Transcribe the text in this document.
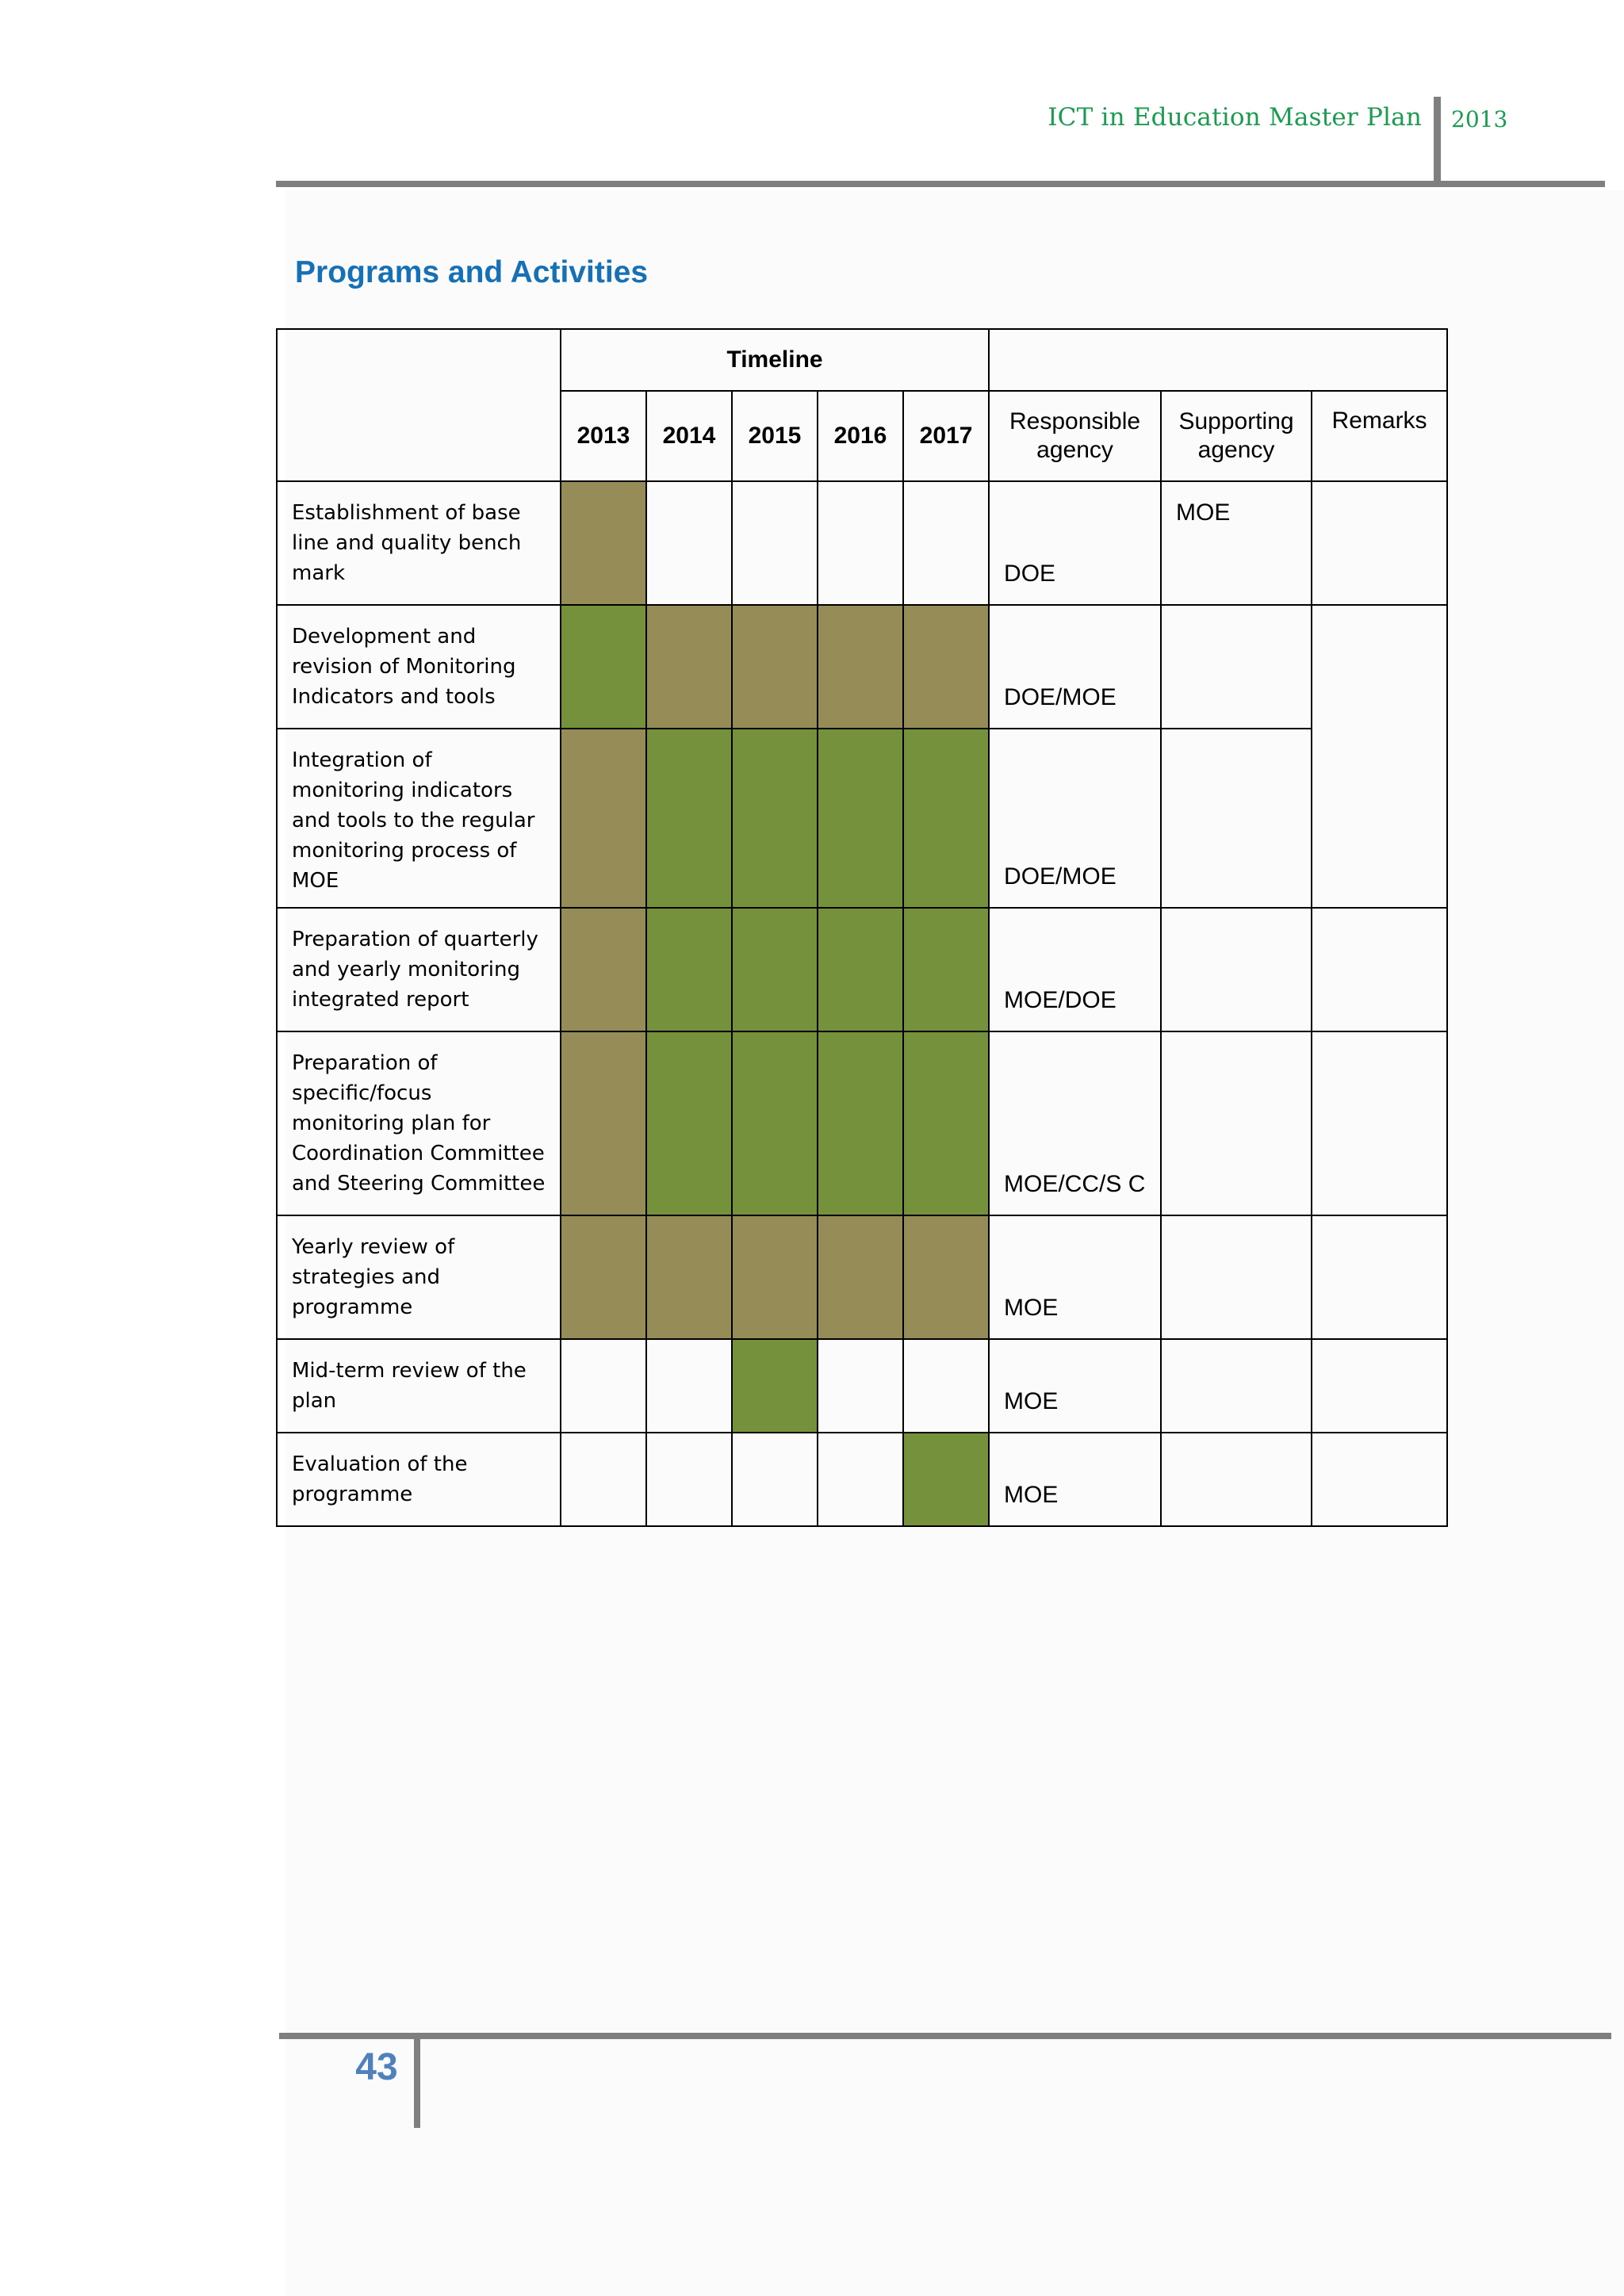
ICT in Education Master Plan 2013
Programs and Activities
	Timeline							
	2013	2014	2015	2016	2017	Responsible agency	Supporting agency	Remarks
Establishment of base line and quality bench mark						DOE	MOE	
Development and revision of Monitoring Indicators and tools						DOE/MOE		
Integration of monitoring indicators and tools to the regular monitoring process of MOE						DOE/MOE		
Preparation of quarterly and yearly monitoring integrated report						MOE/DOE		
Preparation of specific/focus monitoring plan for Coordination Committee and Steering Committee						MOE/CC/S C		
Yearly review of strategies and programme						MOE		
Mid-term review of the plan						MOE		
Evaluation of the programme						MOE		
43
